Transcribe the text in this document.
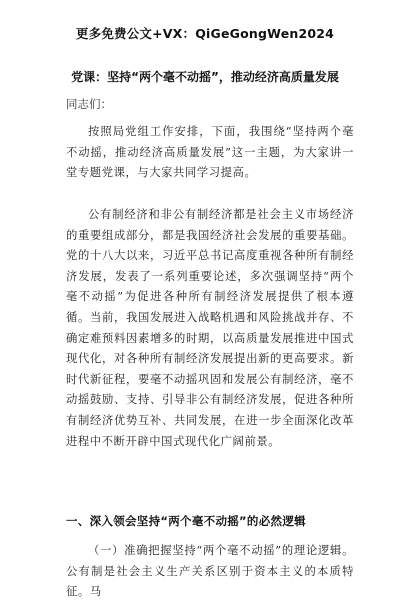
更多免费公文+VX：QiGeGongWen2024
党课：坚持“两个毫不动摇”，推动经济高质量发展
同志们：
按照局党组工作安排，下面，我围绕“坚持两个毫不动摇，推动经济高质量发展”这一主题，为大家讲一堂专题党课，与大家共同学习提高。
公有制经济和非公有制经济都是社会主义市场经济的重要组成部分，都是我国经济社会发展的重要基础。党的十八大以来，习近平总书记高度重视各种所有制经济发展，发表了一系列重要论述，多次强调坚持“两个毫不动摇”为促进各种所有制经济发展提供了根本遵循。当前，我国发展进入战略机遇和风险挑战并存、不确定难预料因素增多的时期，以高质量发展推进中国式现代化，对各种所有制经济发展提出新的更高要求。新时代新征程，要毫不动摇巩固和发展公有制经济，毫不动摇鼓励、支持、引导非公有制经济发展，促进各种所有制经济优势互补、共同发展，在进一步全面深化改革进程中不断开辟中国式现代化广阔前景。
一、深入领会坚持“两个毫不动摇”的必然逻辑
（一）准确把握坚持“两个毫不动摇”的理论逻辑。公有制是社会主义生产关系区别于资本主义的本质特征。马
